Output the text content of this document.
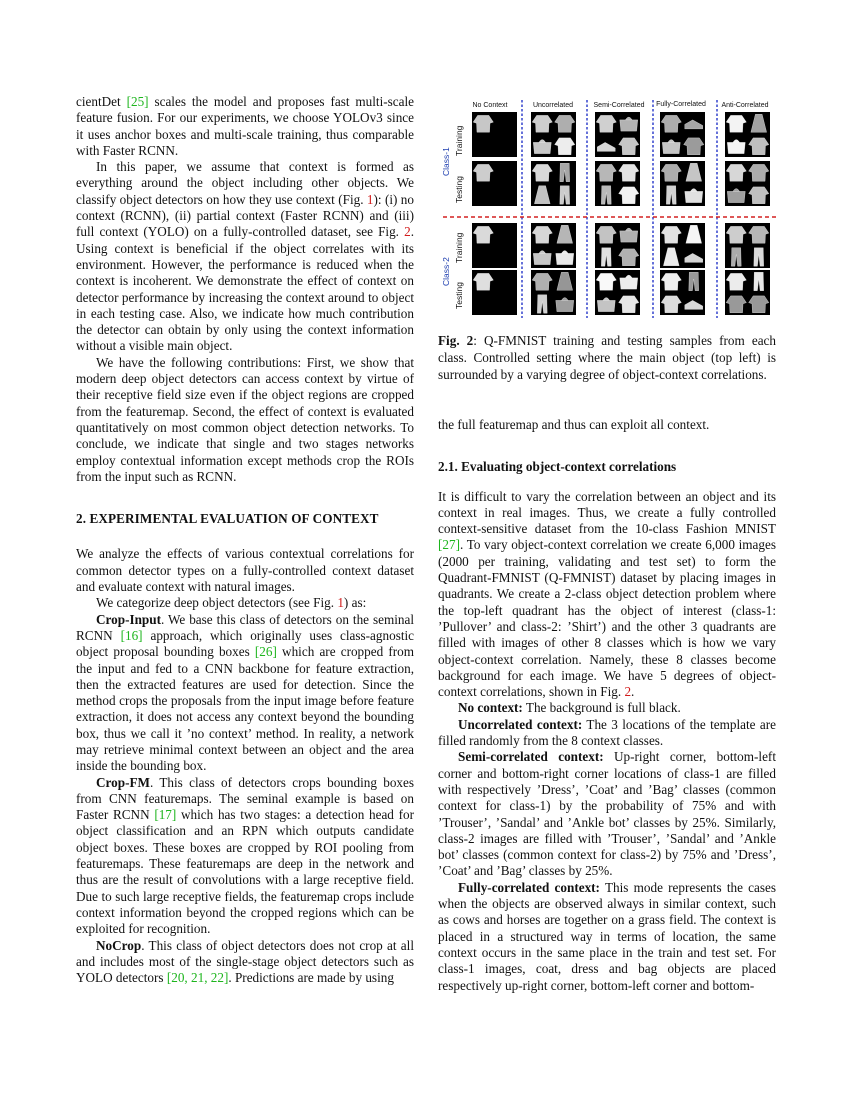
cientDet [25] scales the model and proposes fast multi-scale feature fusion. For our experiments, we choose YOLOv3 since it uses anchor boxes and multi-scale training, thus comparable with Faster RCNN.

In this paper, we assume that context is formed as everything around the object including other objects. We classify object detectors on how they use context (Fig. 1): (i) no context (RCNN), (ii) partial context (Faster RCNN) and (iii) full context (YOLO) on a fully-controlled dataset, see Fig. 2. Using context is beneficial if the object correlates with its environment. However, the performance is reduced when the context is incoherent. We demonstrate the effect of context on detector performance by increasing the context around to object in each testing case. Also, we indicate how much contribution the detector can obtain by only using the context information without a visible main object.

We have the following contributions: First, we show that modern deep object detectors can access context by virtue of their receptive field size even if the object regions are cropped from the featuremap. Second, the effect of context is evaluated quantitatively on most common object detection networks. To conclude, we indicate that single and two stages networks employ contextual information except methods crop the ROIs from the input such as RCNN.

2. EXPERIMENTAL EVALUATION OF CONTEXT

We analyze the effects of various contextual correlations for common detector types on a fully-controlled context dataset and evaluate context with natural images.

We categorize deep object detectors (see Fig. 1) as:

Crop-Input. We base this class of detectors on the seminal RCNN [16] approach, which originally uses class-agnostic object proposal bounding boxes [26] which are cropped from the input and fed to a CNN backbone for feature extraction, then the extracted features are used for detection. Since the method crops the proposals from the input image before feature extraction, it does not access any context beyond the bounding box, thus we call it ’no context’ method. In reality, a network may retrieve minimal context between an object and the area inside the bounding box.

Crop-FM. This class of detectors crops bounding boxes from CNN featuremaps. The seminal example is based on Faster RCNN [17] which has two stages: a detection head for object classification and an RPN which outputs candidate object boxes. These boxes are cropped by ROI pooling from featuremaps. These featuremaps are deep in the network and thus are the result of convolutions with a large receptive field. Due to such large receptive fields, the featuremap crops include context information beyond the cropped regions which can be exploited for recognition.

NoCrop. This class of object detectors does not crop at all and includes most of the single-stage object detectors such as YOLO detectors [20, 21, 22]. Predictions are made by using

No Context	Uncorrelated	Semi-Correlated Fully-Correlated Anti-Correlated
Class-1
Class-2
Training
Testing
Training
Testing
Fig. 2: Q-FMNIST training and testing samples from each class. Controlled setting where the main object (top left) is surrounded by a varying degree of object-context correlations.

the full featuremap and thus can exploit all context.

2.1. Evaluating object-context correlations

It is difficult to vary the correlation between an object and its context in real images. Thus, we create a fully controlled context-sensitive dataset from the 10-class Fashion MNIST [27]. To vary object-context correlation we create 6,000 images (2000 per training, validating and test set) to form the Quadrant-FMNIST (Q-FMNIST) dataset by placing images in quadrants. We create a 2-class object detection problem where the top-left quadrant has the object of interest (class-1: ’Pullover’ and class-2: ’Shirt’) and the other 3 quadrants are filled with images of other 8 classes which is how we vary object-context correlation. Namely, these 8 classes become background for each image. We have 5 degrees of object-context correlations, shown in Fig. 2.

No context: The background is full black.

Uncorrelated context: The 3 locations of the template are filled randomly from the 8 context classes.

Semi-correlated context: Up-right corner, bottom-left corner and bottom-right corner locations of class-1 are filled with respectively ’Dress’, ’Coat’ and ’Bag’ classes (common context for class-1) by the probability of 75% and with ’Trouser’, ’Sandal’ and ’Ankle bot’ classes by 25%. Similarly, class-2 images are filled with ’Trouser’, ’Sandal’ and ’Ankle bot’ classes (common context for class-2) by 75% and ’Dress’, ’Coat’ and ’Bag’ classes by 25%.

Fully-correlated context: This mode represents the cases when the objects are observed always in similar context, such as cows and horses are together on a grass field. The context is placed in a structured way in terms of location, the same context occurs in the same place in the train and test set. For class-1 images, coat, dress and bag objects are placed respectively up-right corner, bottom-left corner and bottom-
